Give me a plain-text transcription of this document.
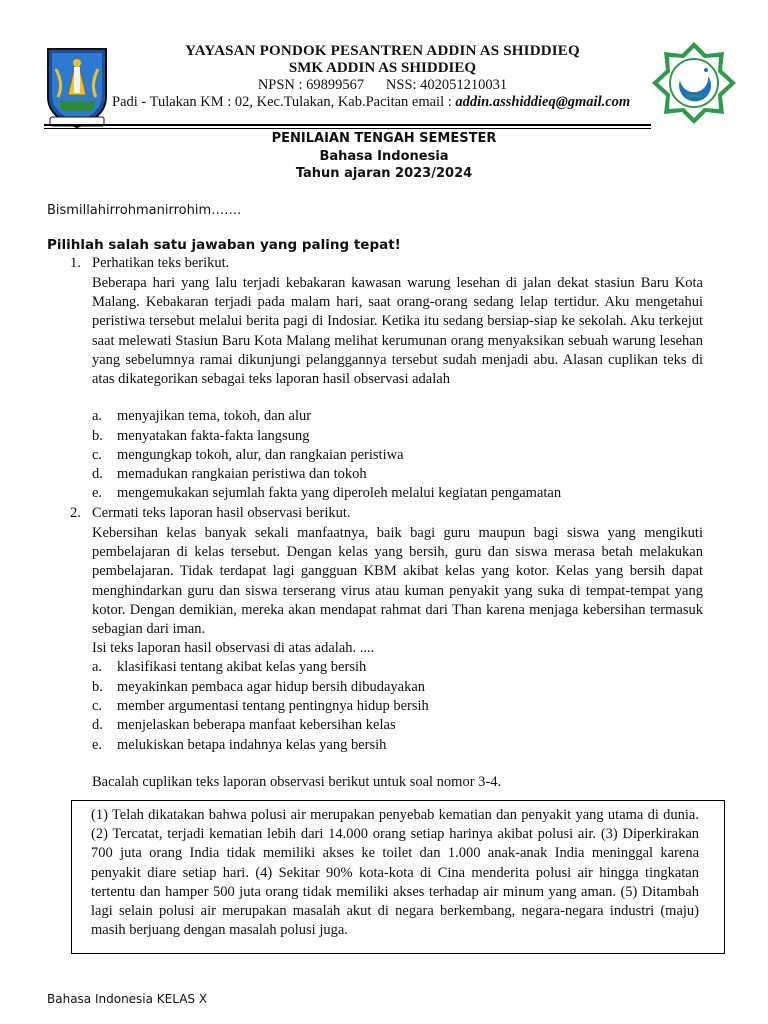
YAYASAN PONDOK PESANTREN ADDIN AS SHIDDIEQ
SMK ADDIN AS SHIDDIEQ
NPSN : 69899567      NSS: 402051210031
Padi - Tulakan KM : 02, Kec.Tulakan, Kab.Pacitan email : addin.asshiddieq@gmail.com
PENILAIAN TENGAH SEMESTER
Bahasa Indonesia
Tahun ajaran 2023/2024
Bismillahirrohmanirrohim…….
Pilihlah salah satu jawaban yang paling tepat!
1. Perhatikan teks berikut.
Beberapa hari yang lalu terjadi kebakaran kawasan warung lesehan di jalan dekat stasiun Baru Kota Malang. Kebakaran terjadi pada malam hari, saat orang-orang sedang lelap tertidur. Aku mengetahui peristiwa tersebut melalui berita pagi di Indosiar. Ketika itu sedang bersiap-siap ke sekolah. Aku terkejut saat melewati Stasiun Baru Kota Malang melihat kerumunan orang menyaksikan sebuah warung lesehan yang sebelumnya ramai dikunjungi pelanggannya tersebut sudah menjadi abu. Alasan cuplikan teks di atas dikategorikan sebagai teks laporan hasil observasi adalah
a. menyajikan tema, tokoh, dan alur
b. menyatakan fakta-fakta langsung
c. mengungkap tokoh, alur, dan rangkaian peristiwa
d. memadukan rangkaian peristiwa dan tokoh
e. mengemukakan sejumlah fakta yang diperoleh melalui kegiatan pengamatan
2. Cermati teks laporan hasil observasi berikut.
Kebersihan kelas banyak sekali manfaatnya, baik bagi guru maupun bagi siswa yang mengikuti pembelajaran di kelas tersebut. Dengan kelas yang bersih, guru dan siswa merasa betah melakukan pembelajaran. Tidak terdapat lagi gangguan KBM akibat kelas yang kotor. Kelas yang bersih dapat menghindarkan guru dan siswa terserang virus atau kuman penyakit yang suka di tempat-tempat yang kotor. Dengan demikian, mereka akan mendapat rahmat dari Than karena menjaga kebersihan termasuk sebagian dari iman.
Isi teks laporan hasil observasi di atas adalah. ....
a. klasifikasi tentang akibat kelas yang bersih
b. meyakinkan pembaca agar hidup bersih dibudayakan
c. member argumentasi tentang pentingnya hidup bersih
d. menjelaskan beberapa manfaat kebersihan kelas
e. melukiskan betapa indahnya kelas yang bersih
Bacalah cuplikan teks laporan observasi berikut untuk soal nomor 3-4.
(1) Telah dikatakan bahwa polusi air merupakan penyebab kematian dan penyakit yang utama di dunia. (2) Tercatat, terjadi kematian lebih dari 14.000 orang setiap harinya akibat polusi air. (3) Diperkirakan 700 juta orang India tidak memiliki akses ke toilet dan 1.000 anak-anak India meninggal karena penyakit diare setiap hari. (4) Sekitar 90% kota-kota di Cina menderita polusi air hingga tingkatan tertentu dan hamper 500 juta orang tidak memiliki akses terhadap air minum yang aman. (5) Ditambah lagi selain polusi air merupakan masalah akut di negara berkembang, negara-negara industri (maju) masih berjuang dengan masalah polusi juga.
Bahasa Indonesia KELAS X
